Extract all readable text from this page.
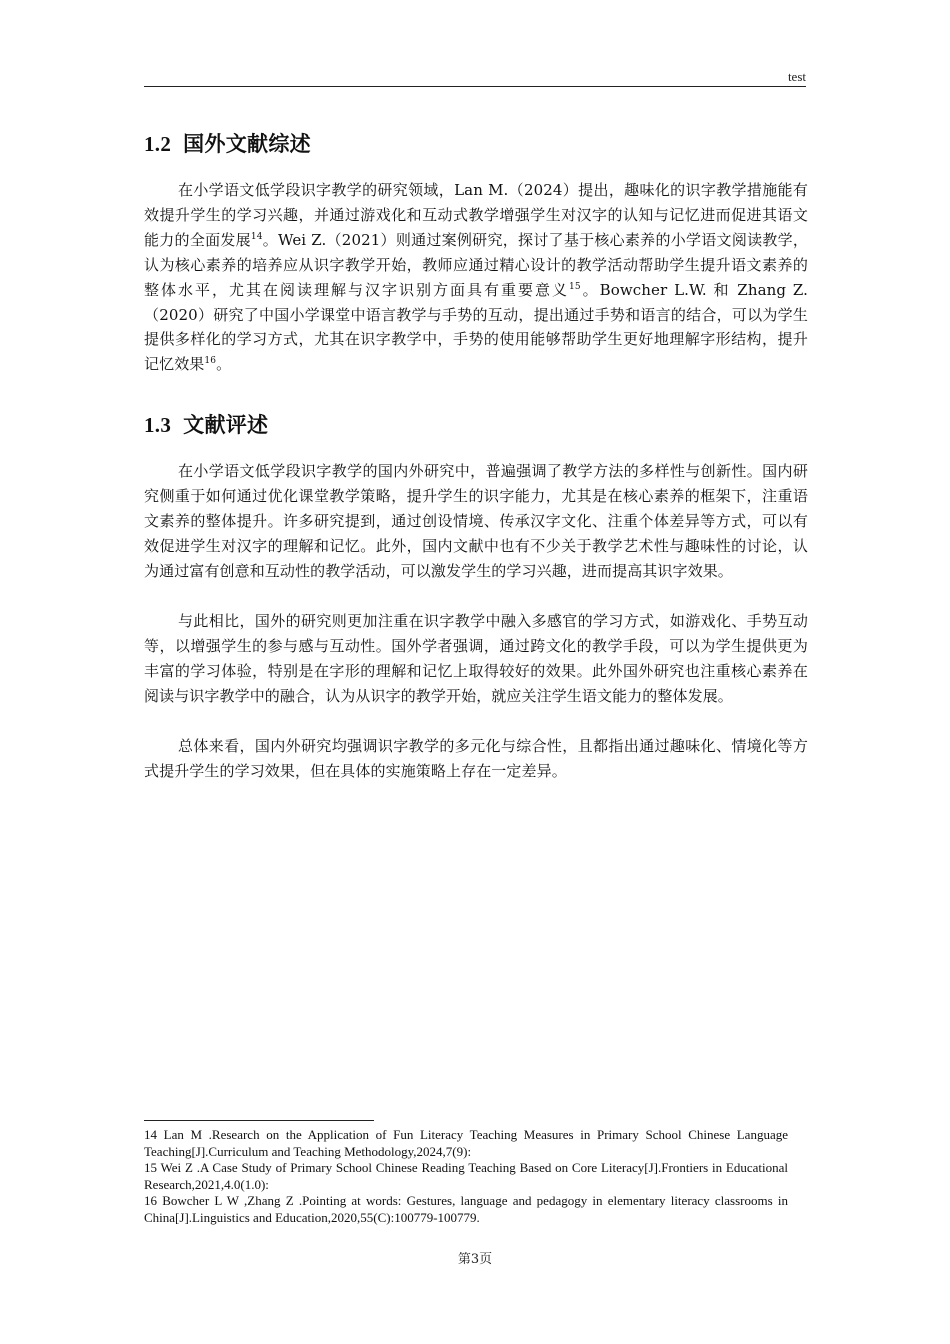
test
1.2 国外文献综述

在小学语文低学段识字教学的研究领域，Lan M.（2024）提出，趣味化的识字教学措施能有效提升学生的学习兴趣，并通过游戏化和互动式教学增强学生对汉字的认知与记忆进而促进其语文能力的全面发展$^{14}$。Wei Z.（2021）则通过案例研究，探讨了基于核心素养的小学语文阅读教学，认为核心素养的培养应从识字教学开始，教师应通过精心设计的教学活动帮助学生提升语文素养的整体水平，尤其在阅读理解与汉字识别方面具有重要意义$^{15}$。Bowcher L.W. 和 Zhang Z.（2020）研究了中国小学课堂中语言教学与手势的互动，提出通过手势和语言的结合，可以为学生提供多样化的学习方式，尤其在识字教学中，手势的使用能够帮助学生更好地理解字形结构，提升记忆效果$^{16}$。

1.3 文献评述

在小学语文低学段识字教学的国内外研究中，普遍强调了教学方法的多样性与创新性。国内研究侧重于如何通过优化课堂教学策略，提升学生的识字能力，尤其是在核心素养的框架下，注重语文素养的整体提升。许多研究提到，通过创设情境、传承汉字文化、注重个体差异等方式，可以有效促进学生对汉字的理解和记忆。此外，国内文献中也有不少关于教学艺术性与趣味性的讨论，认为通过富有创意和互动性的教学活动，可以激发学生的学习兴趣，进而提高其识字效果。

与此相比，国外的研究则更加注重在识字教学中融入多感官的学习方式，如游戏化、手势互动等，以增强学生的参与感与互动性。国外学者强调，通过跨文化的教学手段，可以为学生提供更为丰富的学习体验，特别是在字形的理解和记忆上取得较好的效果。此外国外研究也注重核心素养在阅读与识字教学中的融合，认为从识字的教学开始，就应关注学生语文能力的整体发展。

总体来看，国内外研究均强调识字教学的多元化与综合性，且都指出通过趣味化、情境化等方式提升学生的学习效果，但在具体的实施策略上存在一定差异。

14 Lan M .Research on the Application of Fun Literacy Teaching Measures in Primary School Chinese Language Teaching[J].Curriculum and Teaching Methodology,2024,7(9):

15 Wei Z .A Case Study of Primary School Chinese Reading Teaching Based on Core Literacy[J].Frontiers in Educational Research,2021,4.0(1.0):

16 Bowcher L W ,Zhang Z .Pointing at words: Gestures, language and pedagogy in elementary literacy classrooms in China[J].Linguistics and Education,2020,55(C):100779-100779.

第3页
